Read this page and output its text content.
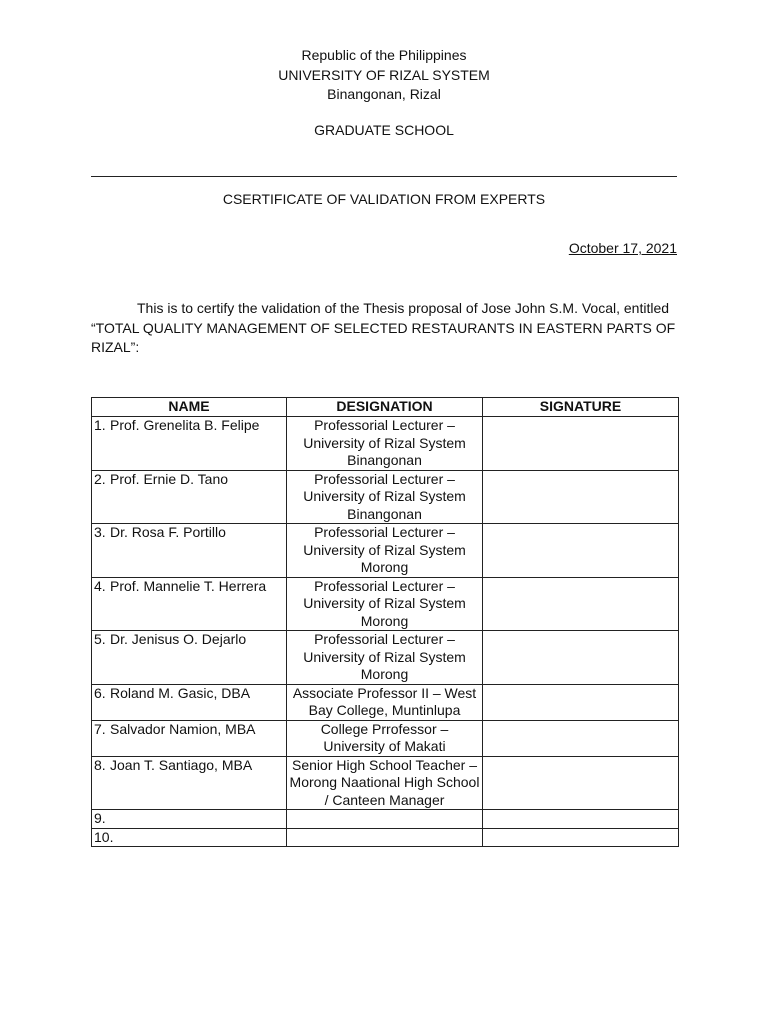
Republic of the Philippines
UNIVERSITY OF RIZAL SYSTEM
Binangonan, Rizal
GRADUATE SCHOOL
CSERTIFICATE OF VALIDATION FROM EXPERTS
October 17, 2021
This is to certify the validation of the Thesis proposal of Jose John S.M. Vocal, entitled “TOTAL QUALITY MANAGEMENT OF SELECTED RESTAURANTS IN EASTERN PARTS OF RIZAL”:
NAME	DESIGNATION	SIGNATURE

1. Prof. Grenelita B. Felipe	Professorial Lecturer – University of Rizal System Binangonan	

2. Prof. Ernie D. Tano	Professorial Lecturer – University of Rizal System Binangonan	

3. Dr. Rosa F. Portillo	Professorial Lecturer – University of Rizal System Morong	

4. Prof. Mannelie T. Herrera	Professorial Lecturer – University of Rizal System Morong	

5. Dr. Jenisus O. Dejarlo	Professorial Lecturer – University of Rizal System Morong	

6. Roland M. Gasic, DBA	Associate Professor II – West Bay College, Muntinlupa	

7. Salvador Namion, MBA	College Prrofessor – University of Makati	

8. Joan T. Santiago, MBA	Senior High School Teacher – Morong Naational High School / Canteen Manager	

9.		

10.		
